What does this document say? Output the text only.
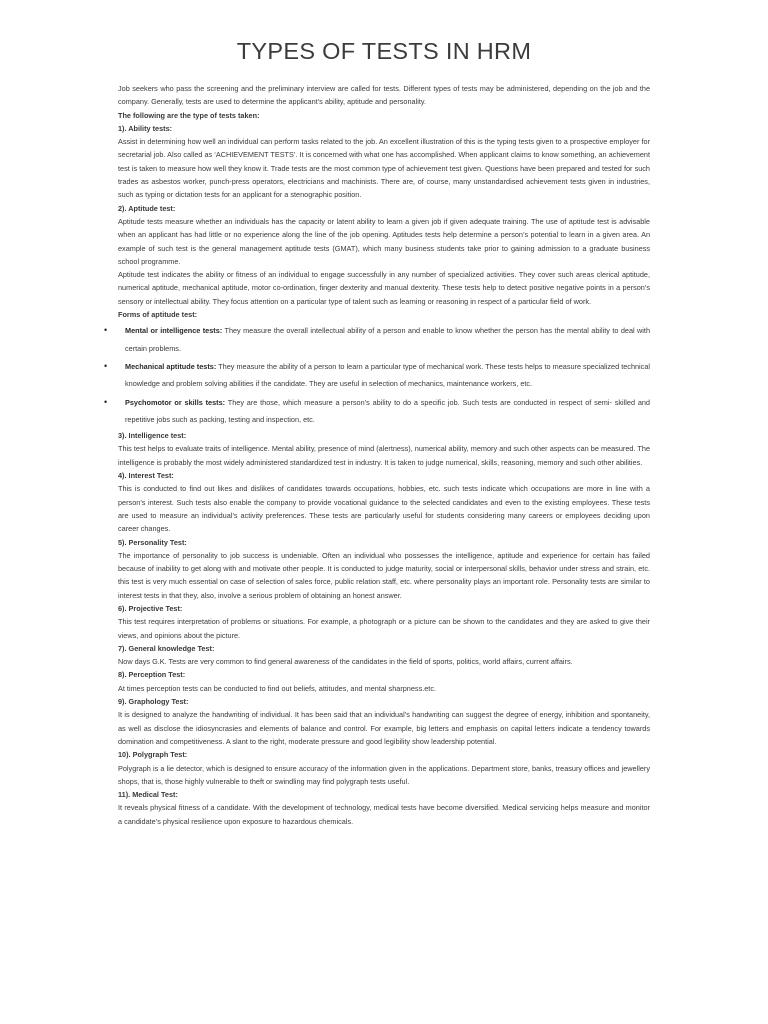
TYPES OF TESTS IN HRM

Job seekers who pass the screening and the preliminary interview are called for tests. Different types of tests may be administered, depending on the job and the company. Generally, tests are used to determine the applicant’s ability, aptitude and personality.

The following are the type of tests taken:

1). Ability tests:

Assist in determining how well an individual can perform tasks related to the job. An excellent illustration of this is the typing tests given to a prospective employer for secretarial job. Also called as ‘ACHIEVEMENT TESTS’. It is concerned with what one has accomplished. When applicant claims to know something, an achievement test is taken to measure how well they know it. Trade tests are the most common type of achievement test given. Questions have been prepared and tested for such trades as asbestos worker, punch-press operators, electricians and machinists. There are, of course, many unstandardised achievement tests given in industries, such as typing or dictation tests for an applicant for a stenographic position.

2). Aptitude test:

Aptitude tests measure whether an individuals has the capacity or latent ability to learn a given job if given adequate training. The use of aptitude test is advisable when an applicant has had little or no experience along the line of the job opening. Aptitudes tests help determine a person’s potential to learn in a given area. An example of such test is the general management aptitude tests (GMAT), which many business students take prior to gaining admission to a graduate business school programme.

Aptitude test indicates the ability or fitness of an individual to engage successfully in any number of specialized activities. They cover such areas clerical aptitude, numerical aptitude, mechanical aptitude, motor co-ordination, finger dexterity and manual dexterity. These tests help to detect positive negative points in a person’s sensory or intellectual ability. They focus attention on a particular type of talent such as learning or reasoning in respect of a particular field of work.

Forms of aptitude test:

• Mental or intelligence tests: They measure the overall intellectual ability of a person and enable to know whether the person has the mental ability to deal with certain problems.
• Mechanical aptitude tests: They measure the ability of a person to learn a particular type of mechanical work. These tests helps to measure specialized technical knowledge and problem solving abilities if the candidate. They are useful in selection of mechanics, maintenance workers, etc.
• Psychomotor or skills tests: They are those, which measure a person’s ability to do a specific job. Such tests are conducted in respect of semi- skilled and repetitive jobs such as packing, testing and inspection, etc.

3). Intelligence test:

This test helps to evaluate traits of intelligence. Mental ability, presence of mind (alertness), numerical ability, memory and such other aspects can be measured. The intelligence is probably the most widely administered standardized test in industry. It is taken to judge numerical, skills, reasoning, memory and such other abilities.

4). Interest Test:

This is conducted to find out likes and dislikes of candidates towards occupations, hobbies, etc. such tests indicate which occupations are more in line with a person’s interest. Such tests also enable the company to provide vocational guidance to the selected candidates and even to the existing employees. These tests are used to measure an individual’s activity preferences. These tests are particularly useful for students considering many careers or employees deciding upon career changes.

5). Personality Test:

The importance of personality to job success is undeniable. Often an individual who possesses the intelligence, aptitude and experience for certain has failed because of inability to get along with and motivate other people. It is conducted to judge maturity, social or interpersonal skills, behavior under stress and strain, etc. this test is very much essential on case of selection of sales force, public relation staff, etc. where personality plays an important role. Personality tests are similar to interest tests in that they, also, involve a serious problem of obtaining an honest answer.

6). Projective Test:

This test requires interpretation of problems or situations. For example, a photograph or a picture can be shown to the candidates and they are asked to give their views, and opinions about the picture.

7). General knowledge Test:

Now days G.K. Tests are very common to find general awareness of the candidates in the field of sports, politics, world affairs, current affairs.

8). Perception Test:

At times perception tests can be conducted to find out beliefs, attitudes, and mental sharpness.etc.

9). Graphology Test:

It is designed to analyze the handwriting of individual. It has been said that an individual’s handwriting can suggest the degree of energy, inhibition and spontaneity, as well as disclose the idiosyncrasies and elements of balance and control. For example, big letters and emphasis on capital letters indicate a tendency towards domination and competitiveness. A slant to the right, moderate pressure and good legibility show leadership potential.

10). Polygraph Test:

Polygraph is a lie detector, which is designed to ensure accuracy of the information given in the applications. Department store, banks, treasury offices and jewellery shops, that is, those highly vulnerable to theft or swindling may find polygraph tests useful.

11). Medical Test:

It reveals physical fitness of a candidate. With the development of technology, medical tests have become diversified. Medical servicing helps measure and monitor a candidate’s physical resilience upon exposure to hazardous chemicals.
